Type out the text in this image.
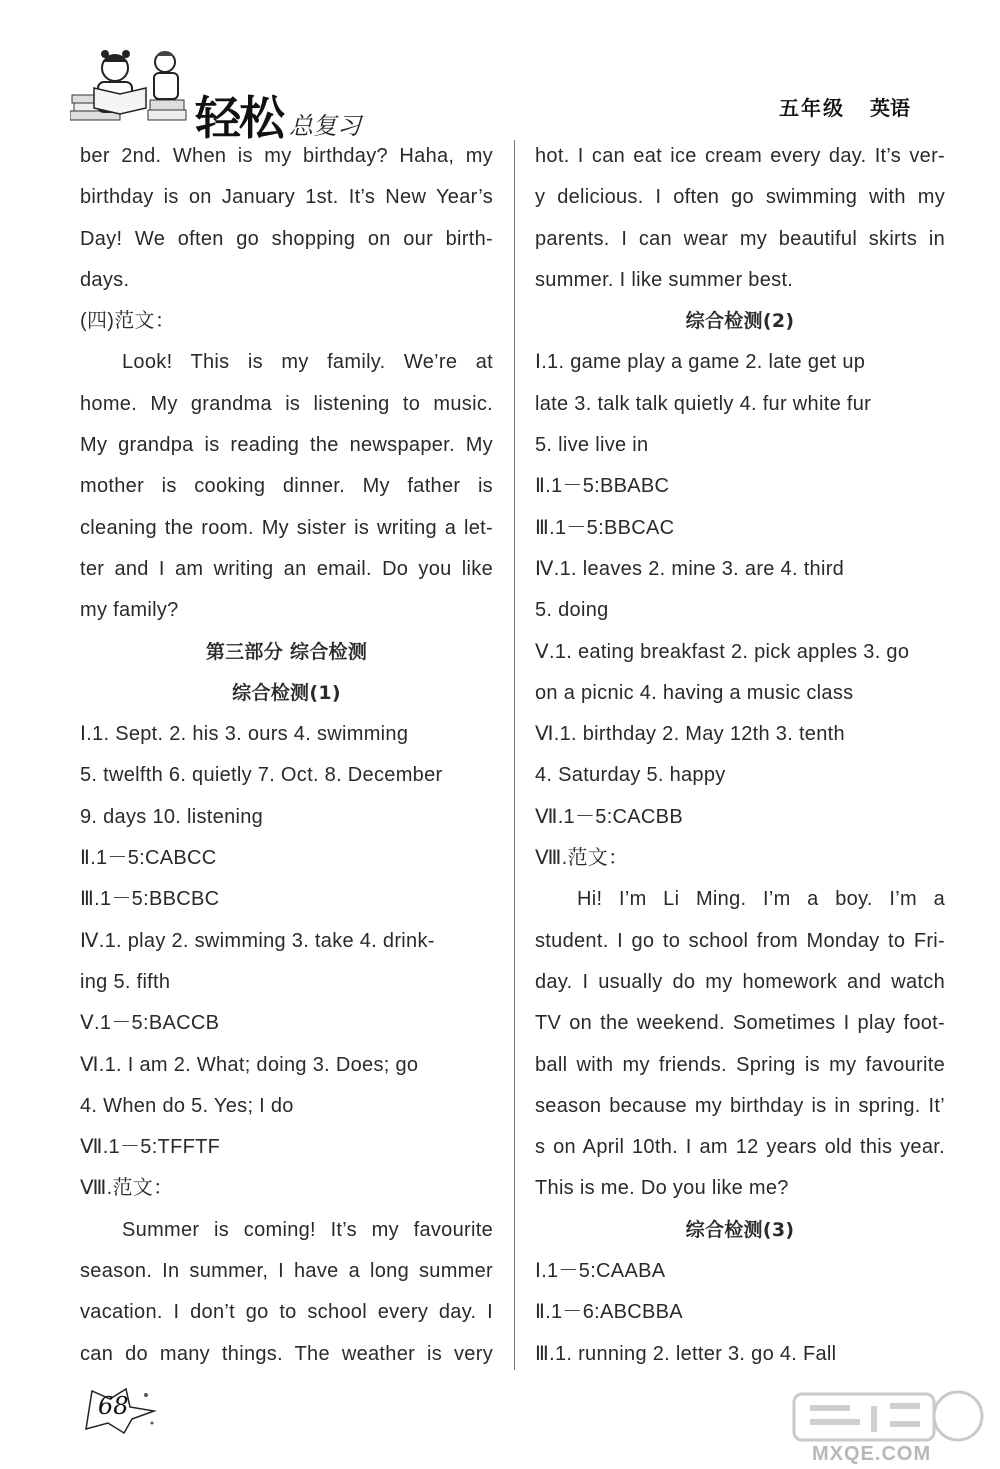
轻松 总复习
五年级 英语
ber 2nd. When is my birthday? Haha, my
birthday is on January 1st. It’s New Year’s
Day! We often go shopping on our birth-
days.
(四)范文：
Look! This is my family. We’re at
home. My grandma is listening to music.
My grandpa is reading the newspaper. My
mother is cooking dinner. My father is
cleaning the room. My sister is writing a let-
ter and I am writing an email. Do you like
my family?
第三部分 综合检测
综合检测(1)
Ⅰ.1. Sept. 2. his 3. ours 4. swimming
5. twelfth 6. quietly 7. Oct. 8. December
9. days 10. listening
Ⅱ.1－5:CABCC
Ⅲ.1－5:BBCBC
Ⅳ.1. play 2. swimming 3. take 4. drink-
ing 5. fifth
Ⅴ.1－5:BACCB
Ⅵ.1. I am 2. What; doing 3. Does; go
4. When do 5. Yes; I do
Ⅶ.1－5:TFFTF
Ⅷ.范文：
Summer is coming! It’s my favourite
season. In summer, I have a long summer
vacation. I don’t go to school every day. I
can do many things. The weather is very
hot. I can eat ice cream every day. It’s ver-
y delicious. I often go swimming with my
parents. I can wear my beautiful skirts in
summer. I like summer best.
综合检测(2)
Ⅰ.1. game play a game 2. late get up
late 3. talk talk quietly 4. fur white fur
5. live live in
Ⅱ.1－5:BBABC
Ⅲ.1－5:BBCAC
Ⅳ.1. leaves 2. mine 3. are 4. third
5. doing
Ⅴ.1. eating breakfast 2. pick apples 3. go
on a picnic 4. having a music class
Ⅵ.1. birthday 2. May 12th 3. tenth
4. Saturday 5. happy
Ⅶ.1－5:CACBB
Ⅷ.范文：
Hi! I’m Li Ming. I’m a boy. I’m a
student. I go to school from Monday to Fri-
day. I usually do my homework and watch
TV on the weekend. Sometimes I play foot-
ball with my friends. Spring is my favourite
season because my birthday is in spring. It’
s on April 10th. I am 12 years old this year.
This is me. Do you like me?
综合检测(3)
Ⅰ.1－5:CAABA
Ⅱ.1－6:ABCBBA
Ⅲ.1. running 2. letter 3. go 4. Fall
68
MXQE.COM
